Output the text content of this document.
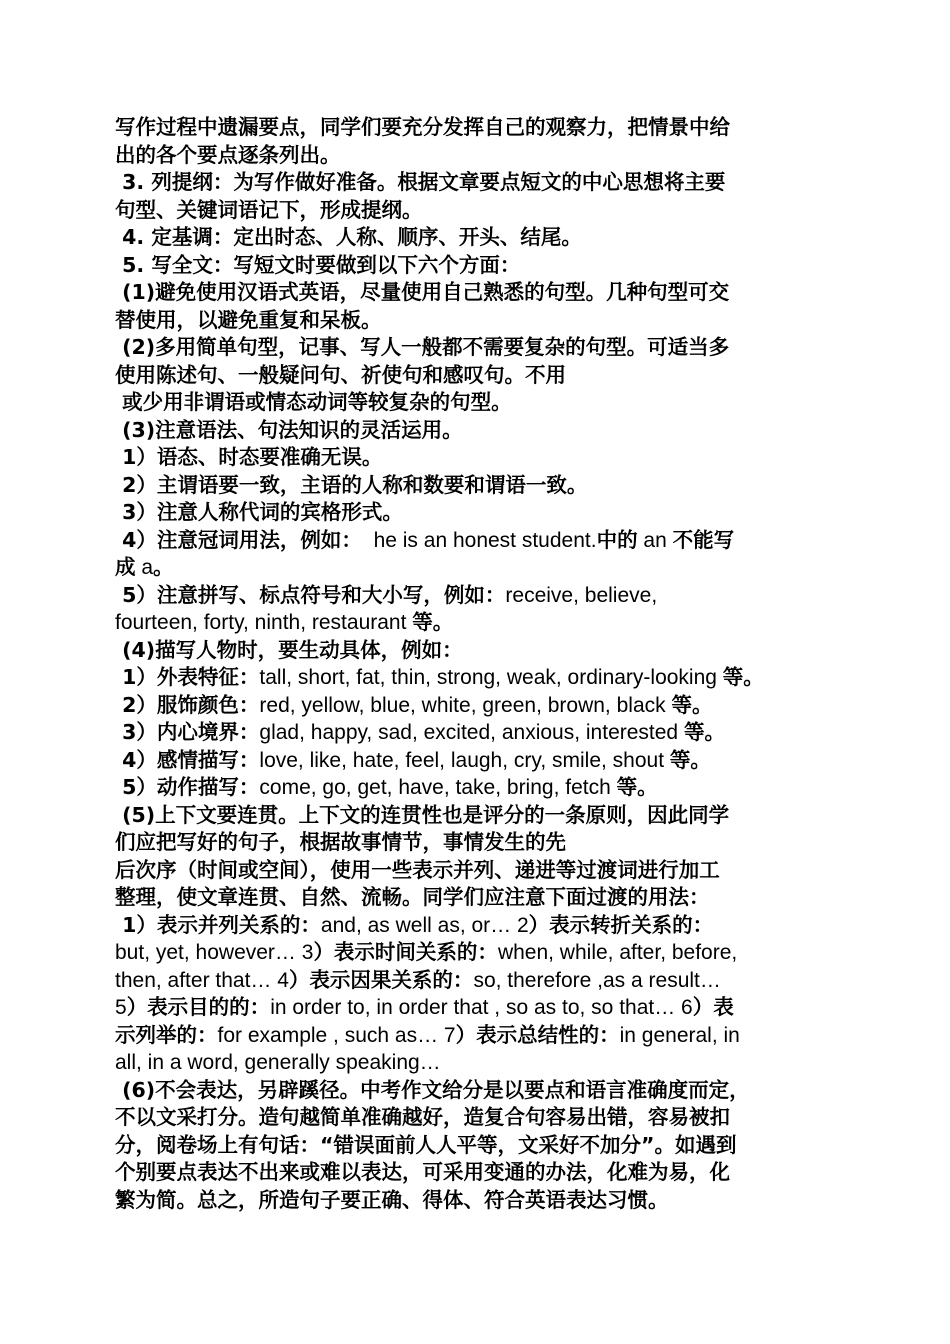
写作过程中遗漏要点，同学们要充分发挥自己的观察力，把情景中给
出的各个要点逐条列出。
3. 列提纲：为写作做好准备。根据文章要点短文的中心思想将主要
句型、关键词语记下，形成提纲。
4. 定基调：定出时态、人称、顺序、开头、结尾。
5. 写全文：写短文时要做到以下六个方面：
(1)避免使用汉语式英语，尽量使用自己熟悉的句型。几种句型可交
替使用，以避免重复和呆板。
(2)多用简单句型，记事、写人一般都不需要复杂的句型。可适当多
使用陈述句、一般疑问句、祈使句和感叹句。不用
或少用非谓语或情态动词等较复杂的句型。
(3)注意语法、句法知识的灵活运用。
1）语态、时态要准确无误。
2）主谓语要一致，主语的人称和数要和谓语一致。
3）注意人称代词的宾格形式。
4）注意冠词用法，例如：  he is an honest student.中的 an 不能写
成 a。
5）注意拼写、标点符号和大小写，例如：receive, believe,
fourteen, forty, ninth, restaurant 等。
(4)描写人物时，要生动具体，例如：
1）外表特征：tall, short, fat, thin, strong, weak, ordinary-looking 等。
2）服饰颜色：red, yellow, blue, white, green, brown, black 等。
3）内心境界：glad, happy, sad, excited, anxious, interested 等。
4）感情描写：love, like, hate, feel, laugh, cry, smile, shout 等。
5）动作描写：come, go, get, have, take, bring, fetch 等。
(5)上下文要连贯。上下文的连贯性也是评分的一条原则，因此同学
们应把写好的句子，根据故事情节，事情发生的先
后次序（时间或空间），使用一些表示并列、递进等过渡词进行加工
整理，使文章连贯、自然、流畅。同学们应注意下面过渡的用法：
1）表示并列关系的：and, as well as, or… 2）表示转折关系的：
but, yet, however… 3）表示时间关系的：when, while, after, before,
then, after that… 4）表示因果关系的：so, therefore ,as a result…
5）表示目的的：in order to, in order that , so as to, so that… 6）表
示列举的：for example , such as… 7）表示总结性的：in general, in
all, in a word, generally speaking…
(6)不会表达，另辟蹊径。中考作文给分是以要点和语言准确度而定，
不以文采打分。造句越简单准确越好，造复合句容易出错，容易被扣
分，阅卷场上有句话：“错误面前人人平等，文采好不加分”。如遇到
个别要点表达不出来或难以表达，可采用变通的办法，化难为易，化
繁为简。总之，所造句子要正确、得体、符合英语表达习惯。
